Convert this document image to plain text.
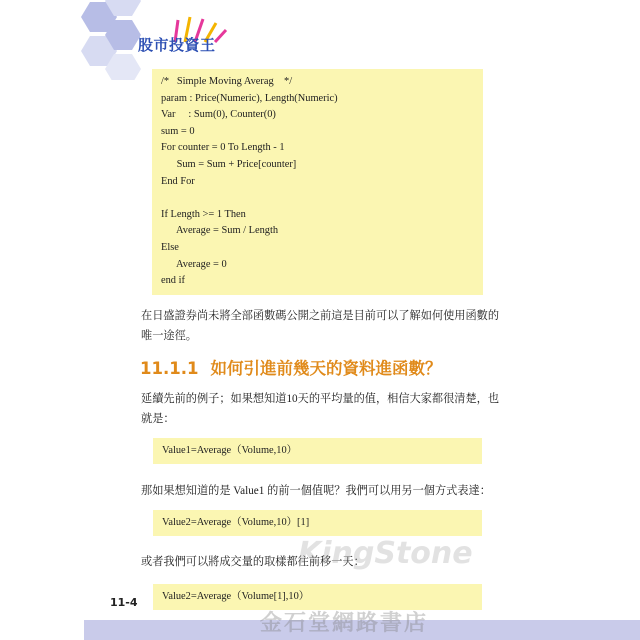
股市投資王
/*   Simple Moving Averag    */
param : Price(Numeric), Length(Numeric)
Var     : Sum(0), Counter(0)
sum = 0
For counter = 0 To Length - 1
Sum = Sum + Price[counter]
End For
If Length >= 1 Then
Average = Sum / Length
Else
Average = 0
end if
在日盛證券尚未將全部函數碼公開之前這是目前可以了解如何使用函數的唯一途徑。
11.1.1 如何引進前幾天的資料進函數？
延續先前的例子；如果想知道10天的平均量的值，相信大家都很清楚，也就是：
Value1=Average（Volume,10）
那如果想知道的是 Value1 的前一個值呢？我們可以用另一個方式表達：
Value2=Average（Volume,10）[1]
或者我們可以將成交量的取樣都往前移一天：
Value2=Average（Volume[1],10）
11-4
KingStone
金石堂網路書店
